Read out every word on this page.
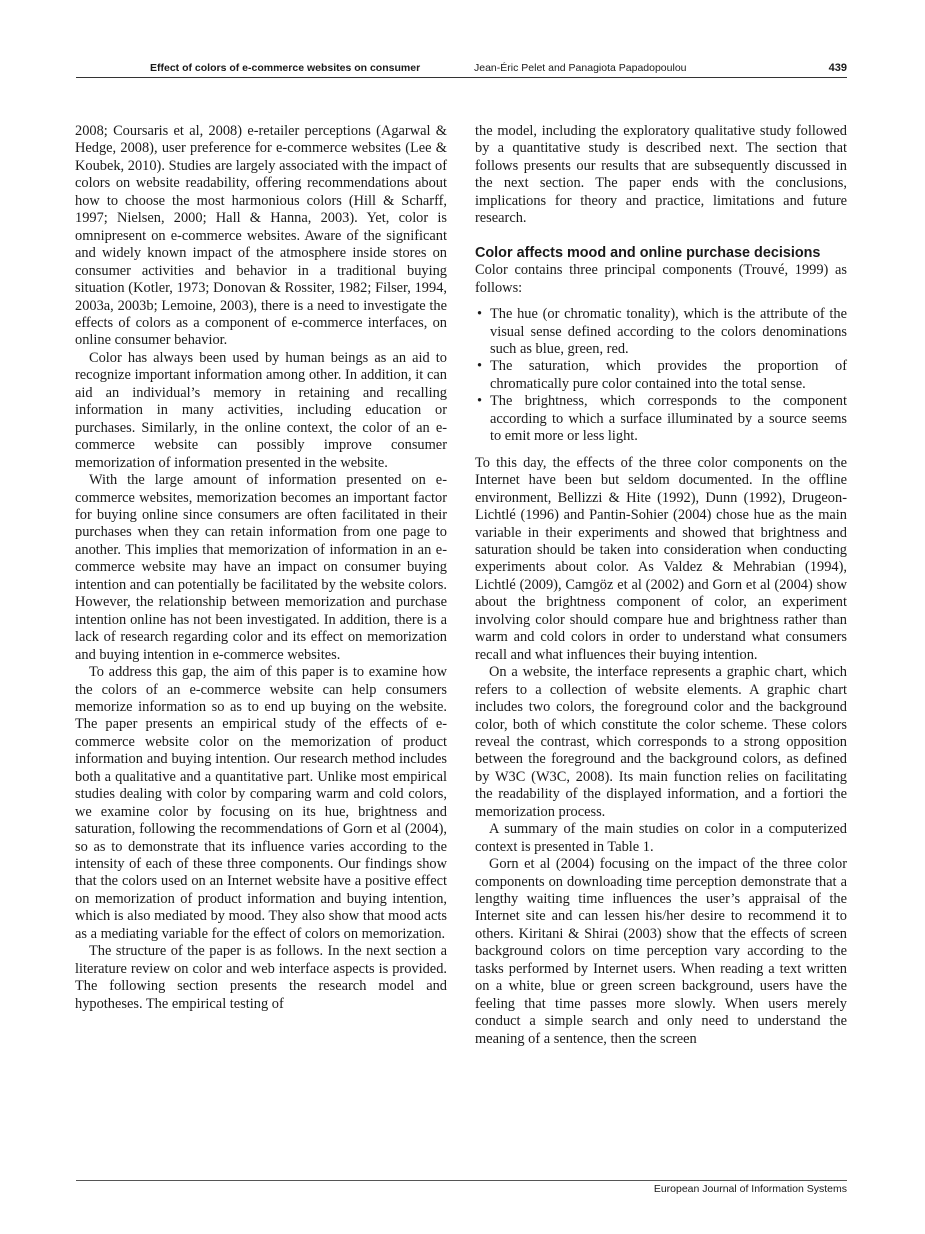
Effect of colors of e-commerce websites on consumer	Jean-Éric Pelet and Panagiota Papadopoulou	439

2008; Coursaris et al, 2008) e-retailer perceptions (Agarwal & Hedge, 2008), user preference for e-commerce websites (Lee & Koubek, 2010). Studies are largely associated with the impact of colors on website readability, offering recommendations about how to choose the most harmonious colors (Hill & Scharff, 1997; Nielsen, 2000; Hall & Hanna, 2003). Yet, color is omnipresent on e-commerce websites. Aware of the significant and widely known impact of the atmosphere inside stores on consumer activities and behavior in a traditional buying situation (Kotler, 1973; Donovan & Rossiter, 1982; Filser, 1994, 2003a, 2003b; Lemoine, 2003), there is a need to investigate the effects of colors as a component of e-commerce interfaces, on online consumer behavior.

Color has always been used by human beings as an aid to recognize important information among other. In addition, it can aid an individual’s memory in retaining and recalling information in many activities, including education or purchases. Similarly, in the online context, the color of an e-commerce website can possibly improve consumer memorization of information presented in the website.

With the large amount of information presented on e-commerce websites, memorization becomes an important factor for buying online since consumers are often facilitated in their purchases when they can retain information from one page to another. This implies that memorization of information in an e-commerce website may have an impact on consumer buying intention and can potentially be facilitated by the website colors. However, the relationship between memorization and purchase intention online has not been investigated. In addition, there is a lack of research regarding color and its effect on memorization and buying intention in e-commerce websites.

To address this gap, the aim of this paper is to examine how the colors of an e-commerce website can help consumers memorize information so as to end up buying on the website. The paper presents an empirical study of the effects of e-commerce website color on the memorization of product information and buying intention. Our research method includes both a qualitative and a quantitative part. Unlike most empirical studies dealing with color by comparing warm and cold colors, we examine color by focusing on its hue, brightness and saturation, following the recommendations of Gorn et al (2004), so as to demonstrate that its influence varies according to the intensity of each of these three components. Our findings show that the colors used on an Internet website have a positive effect on memorization of product information and buying intention, which is also mediated by mood. They also show that mood acts as a mediating variable for the effect of colors on memorization.

The structure of the paper is as follows. In the next section a literature review on color and web interface aspects is provided. The following section presents the research model and hypotheses. The empirical testing of

the model, including the exploratory qualitative study followed by a quantitative study is described next. The section that follows presents our results that are subsequently discussed in the next section. The paper ends with the conclusions, implications for theory and practice, limitations and future research.

Color affects mood and online purchase decisions

Color contains three principal components (Trouvé, 1999) as follows:

• The hue (or chromatic tonality), which is the attribute of the visual sense defined according to the colors denominations such as blue, green, red.
• The saturation, which provides the proportion of chromatically pure color contained into the total sense.
• The brightness, which corresponds to the component according to which a surface illuminated by a source seems to emit more or less light.

To this day, the effects of the three color components on the Internet have been but seldom documented. In the offline environment, Bellizzi & Hite (1992), Dunn (1992), Drugeon-Lichtlé (1996) and Pantin-Sohier (2004) chose hue as the main variable in their experiments and showed that brightness and saturation should be taken into consideration when conducting experiments about color. As Valdez & Mehrabian (1994), Lichtlé (2009), Camgöz et al (2002) and Gorn et al (2004) show about the brightness component of color, an experiment involving color should compare hue and brightness rather than warm and cold colors in order to understand what consumers recall and what influences their buying intention.

On a website, the interface represents a graphic chart, which refers to a collection of website elements. A graphic chart includes two colors, the foreground color and the background color, both of which constitute the color scheme. These colors reveal the contrast, which corresponds to a strong opposition between the foreground and the background colors, as defined by W3C (W3C, 2008). Its main function relies on facilitating the readability of the displayed information, and a fortiori the memorization process.

A summary of the main studies on color in a computerized context is presented in Table 1.

Gorn et al (2004) focusing on the impact of the three color components on downloading time perception demonstrate that a lengthy waiting time influences the user’s appraisal of the Internet site and can lessen his/her desire to recommend it to others. Kiritani & Shirai (2003) show that the effects of screen background colors on time perception vary according to the tasks performed by Internet users. When reading a text written on a white, blue or green screen background, users have the feeling that time passes more slowly. When users merely conduct a simple search and only need to understand the meaning of a sentence, then the screen

European Journal of Information Systems
